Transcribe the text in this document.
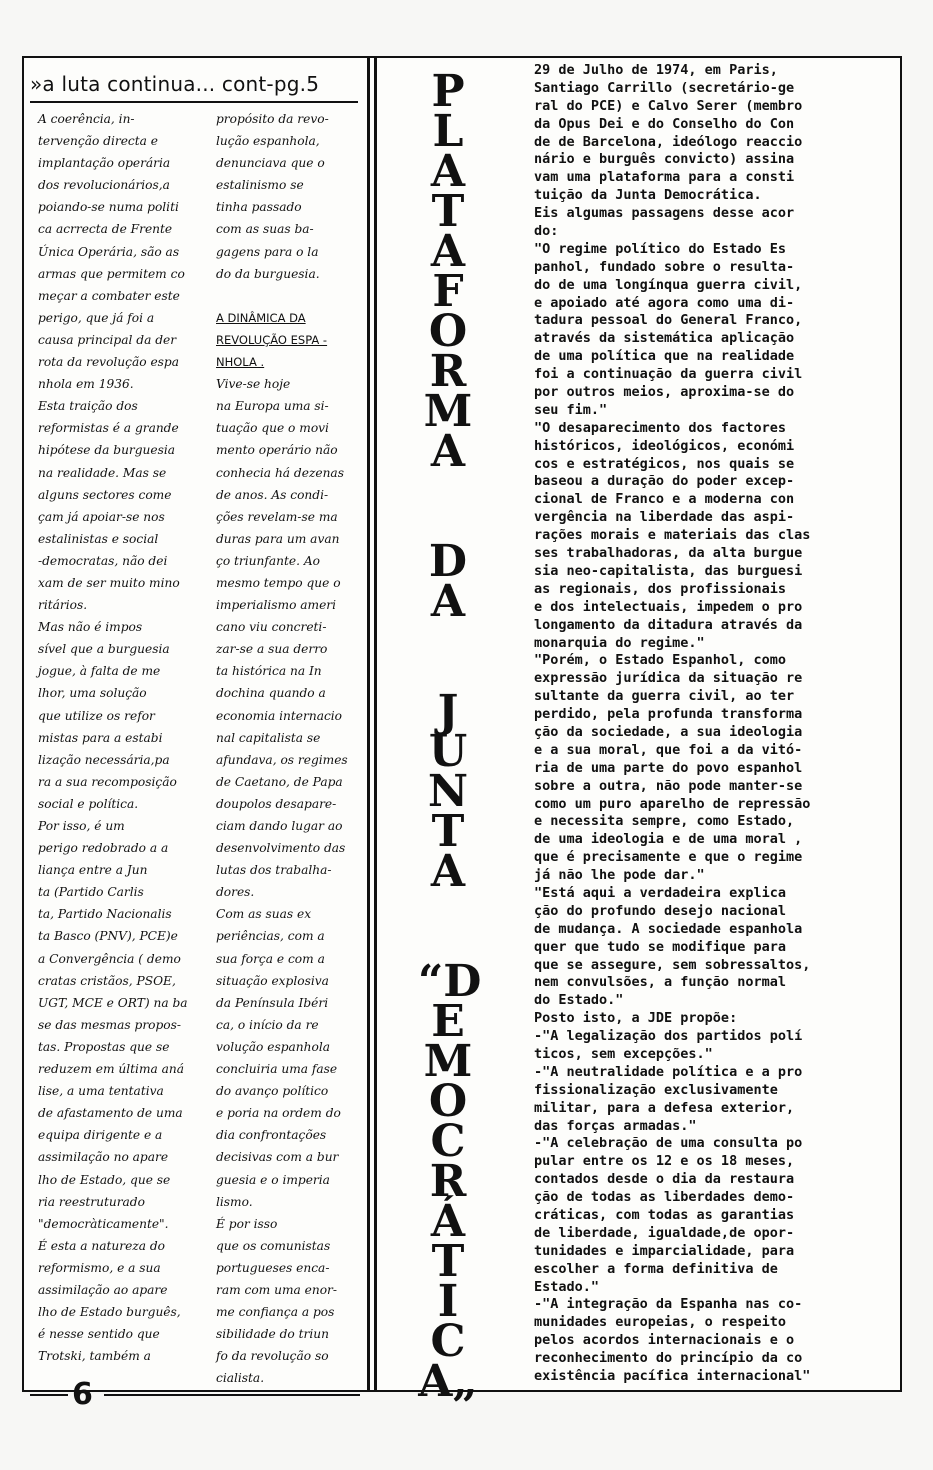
»a luta continua... cont-pg.5
A coerência, in-
tervenção directa e
implantação operária
dos revolucionários,a
poiando-se numa politi
ca acrrecta de Frente
Única Operária, são as
armas que permitem co
meçar a combater este
perigo, que já foi a
causa principal da der
rota da revolução espa
nhola em 1936.
Esta traição dos
reformistas é a grande
hipótese da burguesia
na realidade. Mas se
alguns sectores come
çam já apoiar-se nos
estalinistas e social
-democratas, não dei
xam de ser muito mino
ritários.
Mas não é impos
sível que a burguesia
jogue, à falta de me
lhor, uma solução
que utilize os refor
mistas para a estabi
lização necessária,pa
ra a sua recomposição
social e política.
Por isso, é um
perigo redobrado a a
liança entre a Jun
ta (Partido Carlis
ta, Partido Nacionalis
ta Basco (PNV), PCE)e
a Convergência ( demo
cratas cristãos, PSOE,
UGT, MCE e ORT) na ba
se das mesmas propos-
tas. Propostas que se
reduzem em última aná
lise, a uma tentativa
de afastamento de uma
equipa dirigente e a
assimilação no apare
lho de Estado, que se
ria reestruturado
"democràticamente".
É esta a natureza do
reformismo, e a sua
assimilação ao apare
lho de Estado burguês,
é nesse sentido que
Trotski, também a
propósito da revo-
lução espanhola,
denunciava que o
estalinismo se
tinha passado
com as suas ba-
gagens para o la
do da burguesia.
A DINÂMICA DA
REVOLUÇÃO ESPA -
NHOLA .
Vive-se hoje
na Europa uma si-
tuação que o movi
mento operário não
conhecia há dezenas
de anos. As condi-
ções revelam-se ma
duras para um avan
ço triunfante. Ao
mesmo tempo que o
imperialismo ameri
cano viu concreti-
zar-se a sua derro
ta histórica na In
dochina quando a
economia internacio
nal capitalista se
afundava, os regimes
de Caetano, de Papa
doupolos desapare-
ciam dando lugar ao
desenvolvimento das
lutas dos trabalha-
dores.
Com as suas ex
periências, com a
sua força e com a
situação explosiva
da Península Ibéri
ca, o início da re
volução espanhola
concluiria uma fase
do avanço político
e poria na ordem do
dia confrontações
decisivas com a bur
guesia e o imperia
lismo.
É por isso
que os comunistas
portugueses enca-
ram com uma enor-
me confiança a pos
sibilidade do triun
fo da revolução so
cialista.
P
L
A
T
A
F
O
R
M
A
D
A
J
U
N
T
A
“D
E
M
O
C
R
Á
T
I
C
A„
29 de Julho de 1974, em Paris,
Santiago Carrillo (secretário-ge
ral do PCE) e Calvo Serer (membro
da Opus Dei e do Conselho do Con
de de Barcelona, ideólogo reaccio
nário e burguês convicto) assina
vam uma plataforma para a consti
tuição da Junta Democrática.
Eis algumas passagens desse acor
do:
"O regime político do Estado Es
panhol, fundado sobre o resulta-
do de uma longínqua guerra civil,
e apoiado até agora como uma di-
tadura pessoal do General Franco,
através da sistemática aplicação
de uma política que na realidade
foi a continuação da guerra civil
por outros meios, aproxima-se do
seu fim."
"O desaparecimento dos factores
históricos, ideológicos, económi
cos e estratégicos, nos quais se
baseou a duração do poder excep-
cional de Franco e a moderna con
vergência na liberdade das aspi-
rações morais e materiais das clas
ses trabalhadoras, da alta burgue
sia neo-capitalista, das burguesi
as regionais, dos profissionais
e dos intelectuais, impedem o pro
longamento da ditadura através da
monarquia do regime."
"Porém, o Estado Espanhol, como
expressão jurídica da situação re
sultante da guerra civil, ao ter
perdido, pela profunda transforma
ção da sociedade, a sua ideologia
e a sua moral, que foi a da vitó-
ria de uma parte do povo espanhol
sobre a outra, não pode manter-se
como um puro aparelho de repressão
e necessita sempre, como Estado,
de uma ideologia e de uma moral ,
que é precisamente e que o regime
já não lhe pode dar."
"Está aqui a verdadeira explica
ção do profundo desejo nacional
de mudança. A sociedade espanhola
quer que tudo se modifique para
que se assegure, sem sobressaltos,
nem convulsões, a função normal
do Estado."
Posto isto, a JDE propõe:
-"A legalização dos partidos polí
ticos, sem excepções."
-"A neutralidade política e a pro
fissionalização exclusivamente
militar, para a defesa exterior,
das forças armadas."
-"A celebração de uma consulta po
pular entre os 12 e os 18 meses,
contados desde o dia da restaura
ção de todas as liberdades demo-
cráticas, com todas as garantias
de liberdade, igualdade,de opor-
tunidades e imparcialidade, para
escolher a forma definitiva de
Estado."
-"A integração da Espanha nas co-
munidades europeias, o respeito
pelos acordos internacionais e o
reconhecimento do princípio da co
existência pacífica internacional"
6
